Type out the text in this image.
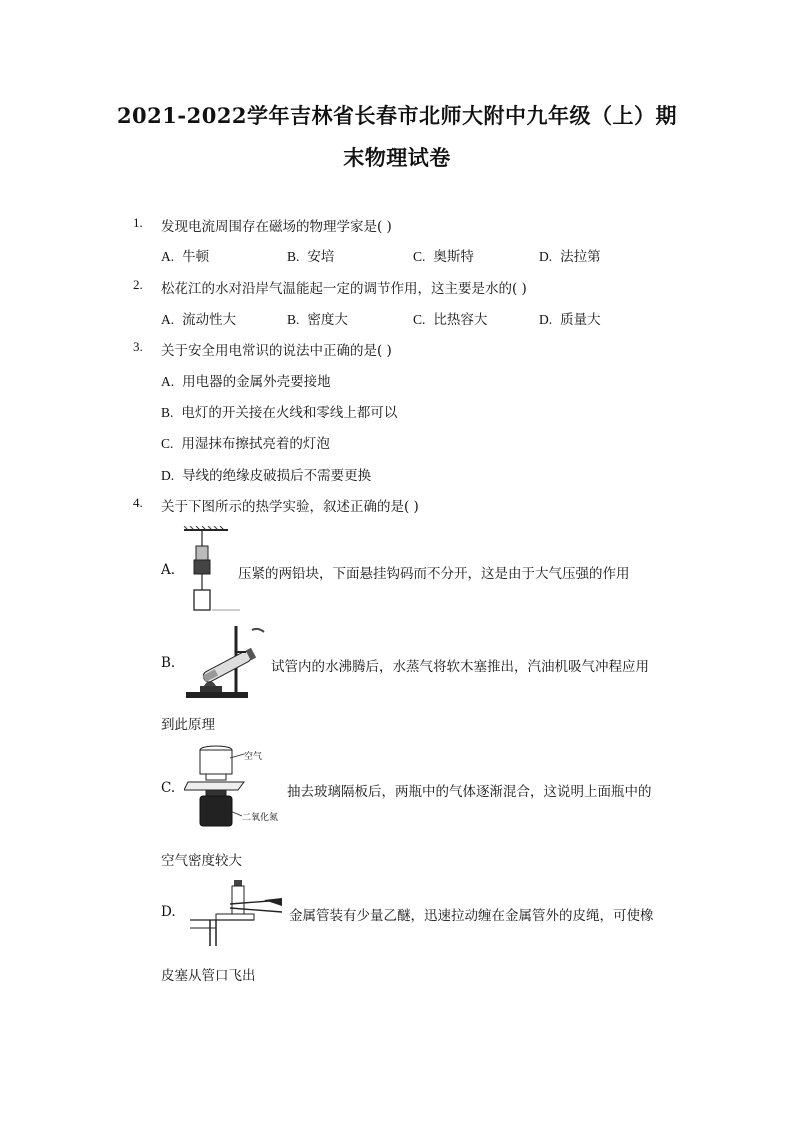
2021-2022学年吉林省长春市北师大附中九年级（上）期
末物理试卷
1. 发现电流周围存在磁场的物理学家是( )
A. 牛顿	B. 安培	C. 奥斯特	D. 法拉第
2. 松花江的水对沿岸气温能起一定的调节作用，这主要是水的( )
A. 流动性大	B. 密度大	C. 比热容大	D. 质量大
3. 关于安全用电常识的说法中正确的是( )
A. 用电器的金属外壳要接地
B. 电灯的开关接在火线和零线上都可以
C. 用湿抹布擦拭亮着的灯泡
D. 导线的绝缘皮破损后不需要更换
4. 关于下图所示的热学实验，叙述正确的是( )
A.	压紧的两铅块，下面悬挂钩码而不分开，这是由于大气压强的作用
B.	试管内的水沸腾后，水蒸气将软木塞推出，汽油机吸气冲程应用
到此原理
C.
空气
二氧化氮
抽去玻璃隔板后，两瓶中的气体逐渐混合，这说明上面瓶中的
空气密度较大
D.	金属管装有少量乙醚，迅速拉动缠在金属管外的皮绳，可使橡
皮塞从管口飞出
